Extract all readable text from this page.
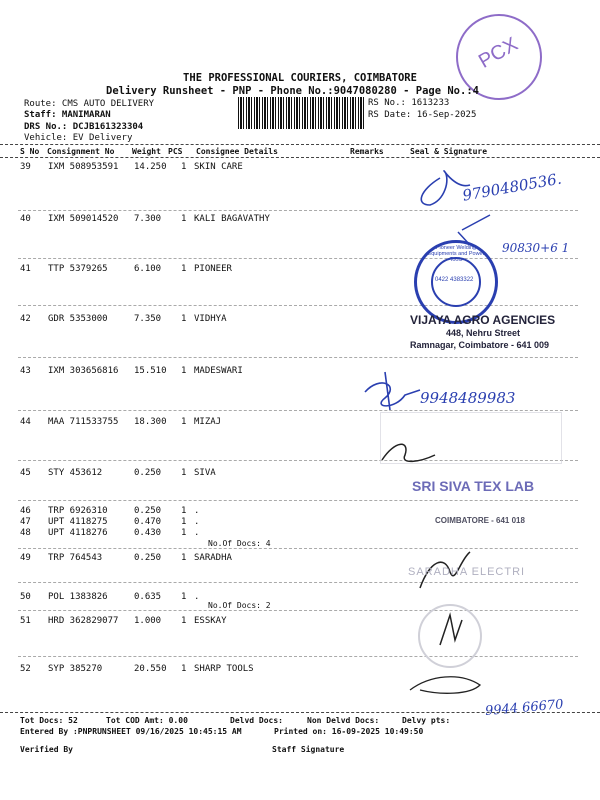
PCX
THE PROFESSIONAL COURIERS, COIMBATORE
Delivery Runsheet - PNP - Phone No.:9047080280 - Page No.:4
Route: CMS AUTO DELIVERY
Staff: MANIMARAN
DRS No.: DCJB161323304
Vehicle: EV Delivery
RS No.: 1613233
RS Date: 16-Sep-2025
S No Consignment No Weight PCS Consignee Details	Remarks	Seal & Signature
39 IXM 508953591 14.250 1 SKIN CARE
40 IXM 509014520 7.300 1 KALI BAGAVATHY
41 TTP 5379265	6.100 1 PIONEER
42 GDR 5353000	7.350 1 VIDHYA
43 IXM 303656816 15.510 1 MADESWARI
44 MAA 711533755 18.300 1 MIZAJ
45 STY 453612	0.250 1 SIVA
46 TRP 6926310	0.250 1 .
47 UPT 4118275	0.470 1 .
48 UPT 4118276	0.430 1 .
49 TRP 764543	0.250 1 SARADHA
50 POL 1383826	0.635 1 .
51 HRD 362829077 1.000 1 ESSKAY
52 SYP 385270	20.550 1 SHARP TOOLS
No.Of Docs: 4
No.Of Docs: 2
9790480536.
90830+6 1
9948489983
9944 66670
Pioneer Welding Equipments and Power Tools
0422 4383322
VIJAYA AGRO AGENCIES
448, Nehru Street
Ramnagar, Coimbatore - 641 009
SRI SIVA TEX LAB
COIMBATORE - 641 018
SARADHA ELECTRI
Tot Docs: 52	Tot COD Amt: 0.00	Delvd Docs:	Non Delvd Docs:	Delvy pts:
Entered By :PNPRUNSHEET 09/16/2025 10:45:15 AM	Printed on: 16-09-2025 10:49:50
Verified By	Staff Signature
